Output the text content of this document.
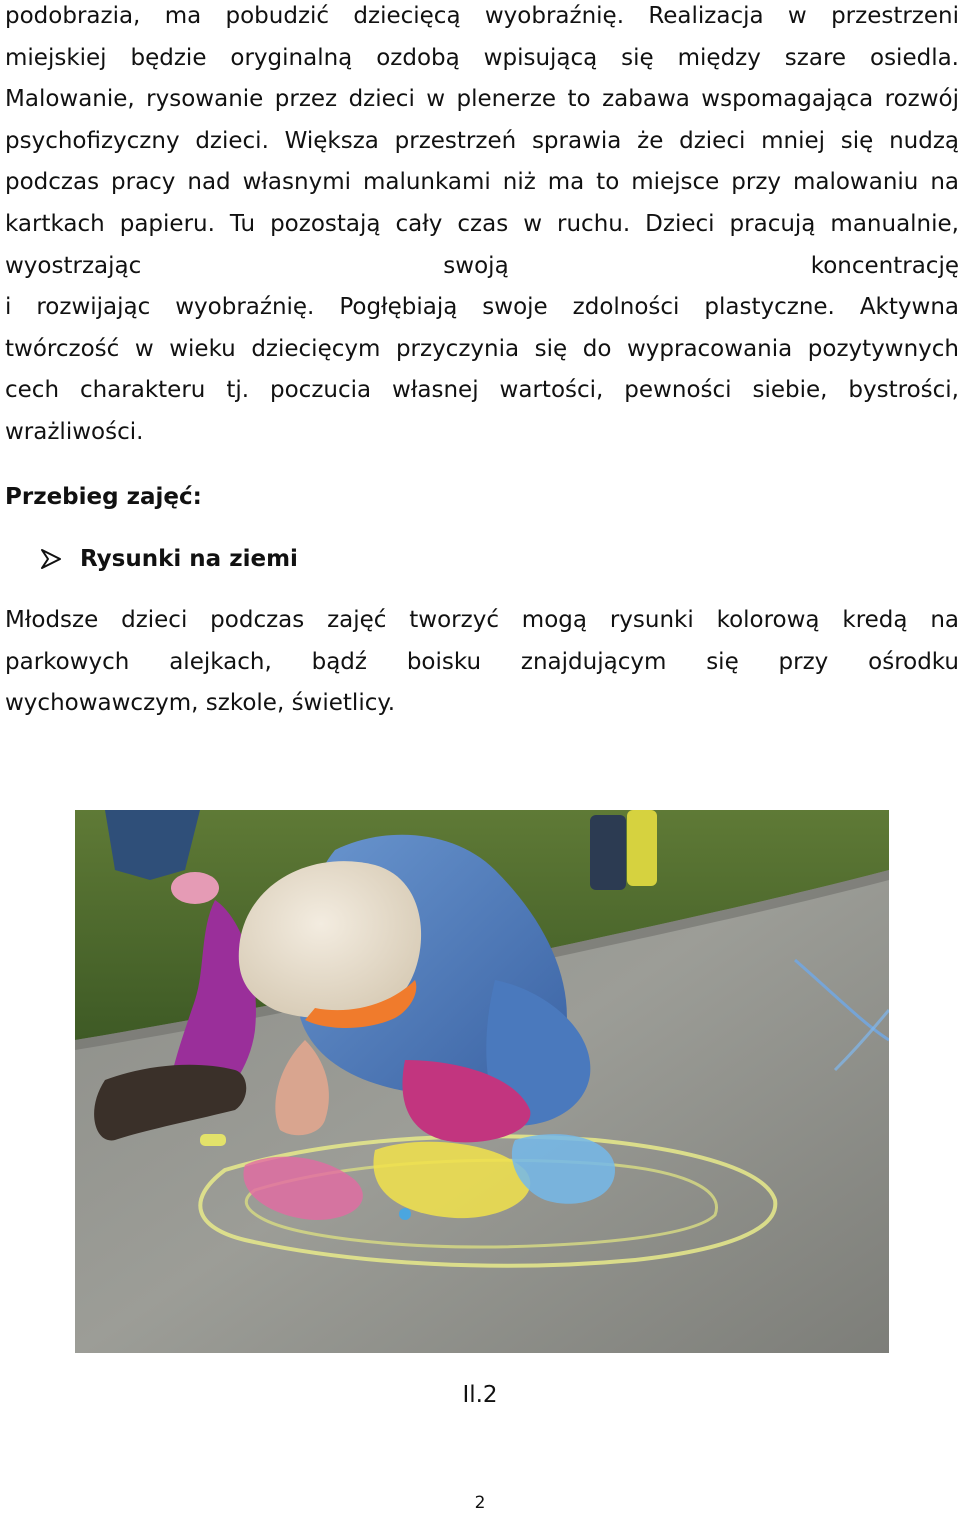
podobrazia, ma pobudzić dziecięcą wyobraźnię. Realizacja w przestrzeni
miejskiej będzie oryginalną ozdobą wpisującą się między szare osiedla.
Malowanie, rysowanie przez dzieci w plenerze to zabawa wspomagająca rozwój
psychofizyczny dzieci. Większa przestrzeń sprawia że dzieci mniej się nudzą
podczas pracy nad własnymi malunkami niż ma to miejsce przy malowaniu na
kartkach papieru. Tu pozostają cały czas w ruchu. Dzieci pracują manualnie,
wyostrzając swoją koncentrację
i rozwijając wyobraźnię. Pogłębiają swoje zdolności plastyczne. Aktywna
twórczość w wieku dziecięcym przyczynia się do wypracowania pozytywnych
cech charakteru tj. poczucia własnej wartości, pewności siebie, bystrości,
wrażliwości.

Przebieg zajęć:
Rysunki na ziemi

Młodsze dzieci podczas zajęć tworzyć mogą rysunki kolorową kredą na
parkowych alejkach, bądź boisku znajdującym się przy ośrodku
wychowawczym, szkole, świetlicy.

Il.2
2
